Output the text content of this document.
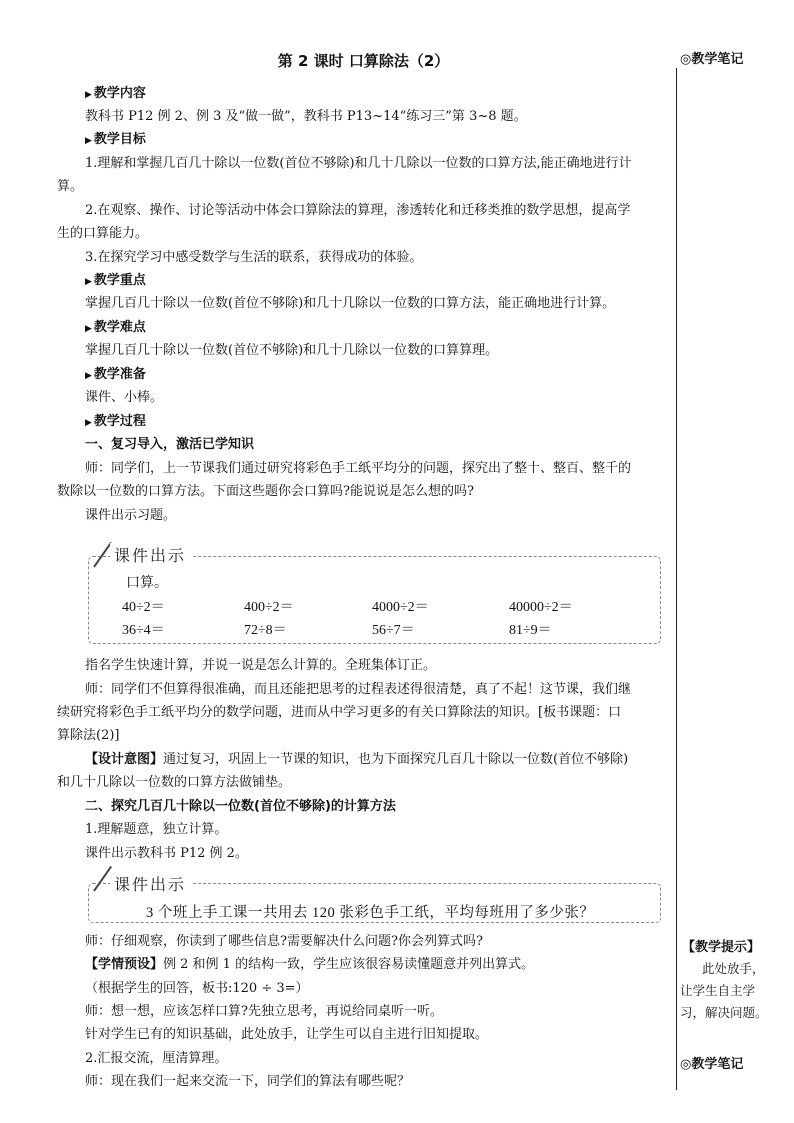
第 2 课时 口算除法（2）	◎教学笔记
【教学提示】
此处放手，让学生自主学习，解决问题。
◎教学笔记
▶ 教学内容
教科书 P12 例 2、例 3 及“做一做”，教科书 P13~14“练习三”第 3~8 题。
▶ 教学目标
1.理解和掌握几百几十除以一位数(首位不够除)和几十几除以一位数的口算方法,能正确地进行计
算。
2.在观察、操作、讨论等活动中体会口算除法的算理，渗透转化和迁移类推的数学思想，提高学
生的口算能力。
3.在探究学习中感受数学与生活的联系，获得成功的体验。
▶ 教学重点
掌握几百几十除以一位数(首位不够除)和几十几除以一位数的口算方法，能正确地进行计算。
▶ 教学难点
掌握几百几十除以一位数(首位不够除)和几十几除以一位数的口算算理。
▶ 教学准备
课件、小棒。
▶ 教学过程
一、复习导入，激活已学知识
师：同学们，上一节课我们通过研究将彩色手工纸平均分的问题，探究出了整十、整百、整千的
数除以一位数的口算方法。下面这些题你会口算吗?能说说是怎么想的吗?
课件出示习题。
课件出示
口算。
40÷2＝	400÷2＝	4000÷2＝	40000÷2＝
36÷4＝	72÷8＝	56÷7＝	81÷9＝
指名学生快速计算，并说一说是怎么计算的。全班集体订正。
师：同学们不但算得很准确，而且还能把思考的过程表述得很清楚，真了不起！这节课，我们继
续研究将彩色手工纸平均分的数学问题，进而从中学习更多的有关口算除法的知识。[板书课题：口
算除法(2)]
【设计意图】通过复习，巩固上一节课的知识，也为下面探究几百几十除以一位数(首位不够除)
和几十几除以一位数的口算方法做铺垫。
二、探究几百几十除以一位数(首位不够除)的计算方法
1.理解题意，独立计算。
课件出示教科书 P12 例 2。
课件出示
3 个班上手工课一共用去 120 张彩色手工纸，平均每班用了多少张？
师：仔细观察，你读到了哪些信息?需要解决什么问题?你会列算式吗?
【学情预设】例 2 和例 1 的结构一致，学生应该很容易读懂题意并列出算式。
（根据学生的回答，板书:120 ÷ 3=）
师：想一想，应该怎样口算?先独立思考，再说给同桌听一听。
针对学生已有的知识基础，此处放手，让学生可以自主进行旧知提取。
2.汇报交流，厘清算理。
师：现在我们一起来交流一下，同学们的算法有哪些呢？
